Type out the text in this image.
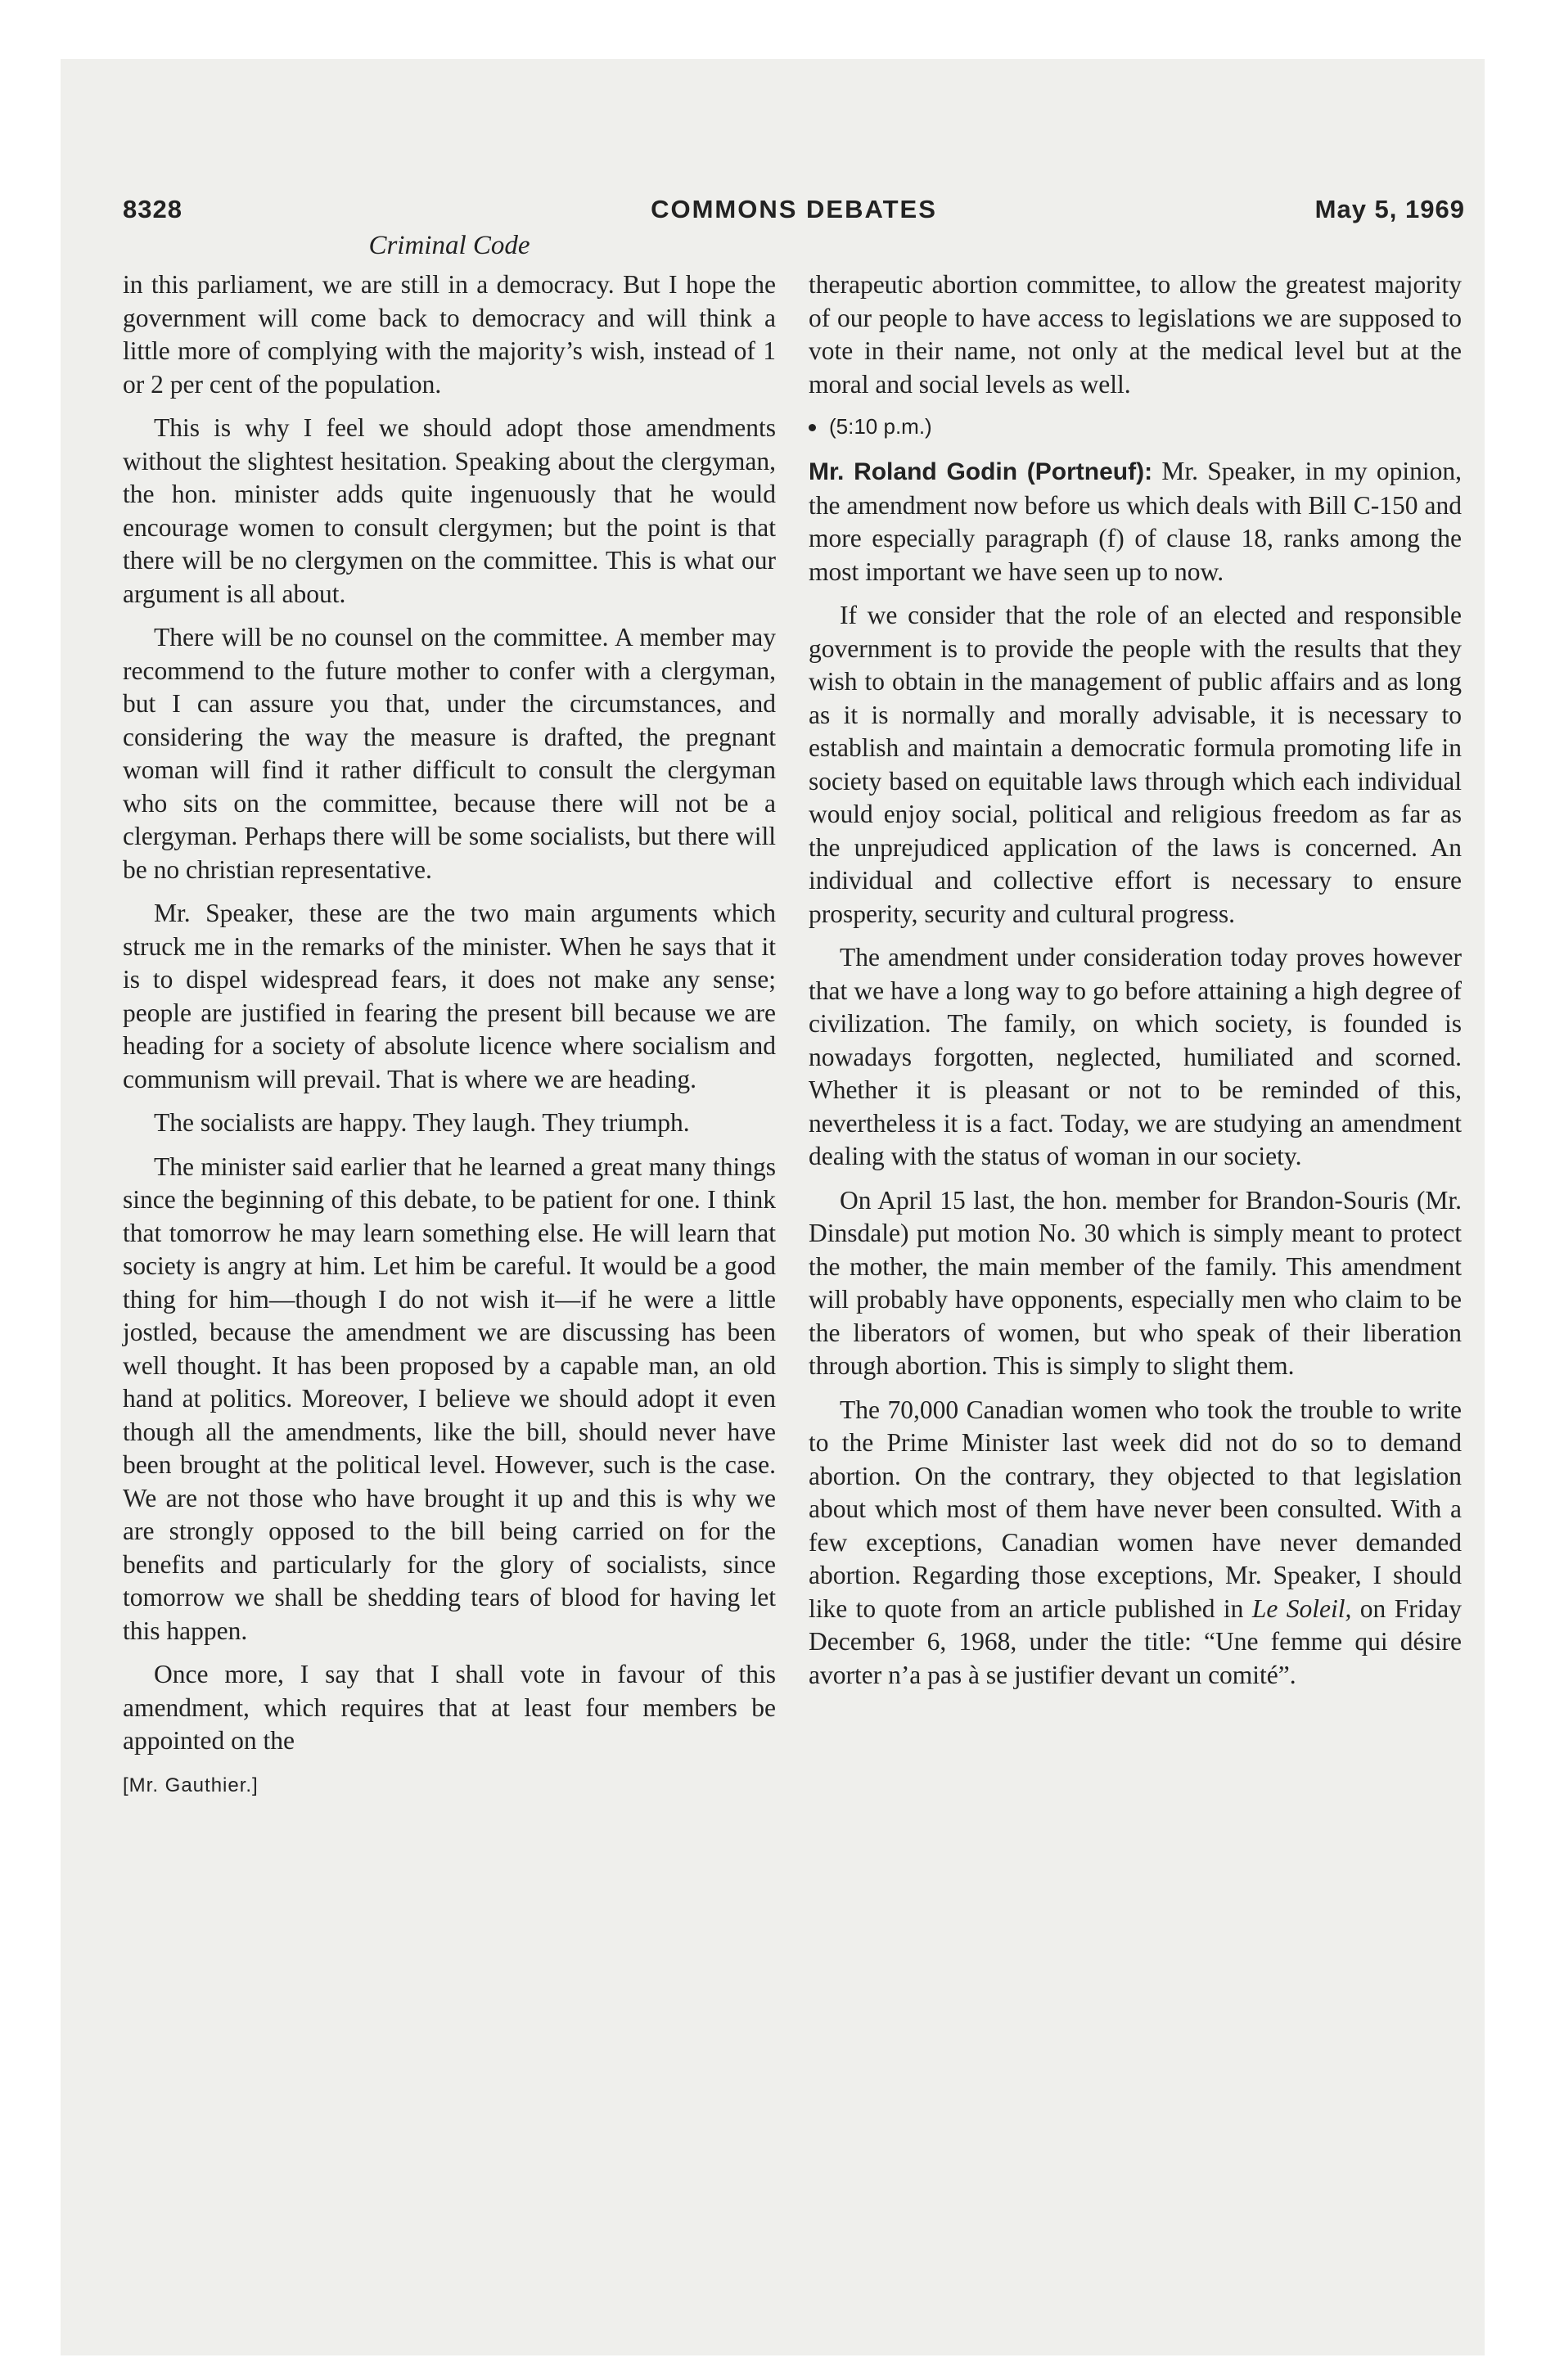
8328	COMMONS DEBATES	May 5, 1969
Criminal Code

in this parliament, we are still in a democracy. But I hope the government will come back to democracy and will think a little more of complying with the majority’s wish, instead of 1 or 2 per cent of the population.

This is why I feel we should adopt those amendments without the slightest hesitation. Speaking about the clergyman, the hon. minister adds quite ingenuously that he would encourage women to consult clergymen; but the point is that there will be no clergymen on the committee. This is what our argument is all about.

There will be no counsel on the committee. A member may recommend to the future mother to confer with a clergyman, but I can assure you that, under the circumstances, and considering the way the measure is drafted, the pregnant woman will find it rather difficult to consult the clergyman who sits on the committee, because there will not be a clergyman. Perhaps there will be some socialists, but there will be no christian representative.

Mr. Speaker, these are the two main arguments which struck me in the remarks of the minister. When he says that it is to dispel widespread fears, it does not make any sense; people are justified in fearing the present bill because we are heading for a society of absolute licence where socialism and communism will prevail. That is where we are heading.

The socialists are happy. They laugh. They triumph.

The minister said earlier that he learned a great many things since the beginning of this debate, to be patient for one. I think that tomorrow he may learn something else. He will learn that society is angry at him. Let him be careful. It would be a good thing for him—though I do not wish it—if he were a little jostled, because the amendment we are discussing has been well thought. It has been proposed by a capable man, an old hand at politics. Moreover, I believe we should adopt it even though all the amendments, like the bill, should never have been brought at the political level. However, such is the case. We are not those who have brought it up and this is why we are strongly opposed to the bill being carried on for the benefits and particularly for the glory of socialists, since tomorrow we shall be shedding tears of blood for having let this happen.

Once more, I say that I shall vote in favour of this amendment, which requires that at least four members be appointed on the

[Mr. Gauthier.]

therapeutic abortion committee, to allow the greatest majority of our people to have access to legislations we are supposed to vote in their name, not only at the medical level but at the moral and social levels as well.

(5:10 p.m.)

Mr. Roland Godin (Portneuf): Mr. Speaker, in my opinion, the amendment now before us which deals with Bill C-150 and more especially paragraph (f) of clause 18, ranks among the most important we have seen up to now.

If we consider that the role of an elected and responsible government is to provide the people with the results that they wish to obtain in the management of public affairs and as long as it is normally and morally advisable, it is necessary to establish and maintain a democratic formula promoting life in society based on equitable laws through which each individual would enjoy social, political and religious freedom as far as the unprejudiced application of the laws is concerned. An individual and collective effort is necessary to ensure prosperity, security and cultural progress.

The amendment under consideration today proves however that we have a long way to go before attaining a high degree of civilization. The family, on which society, is founded is nowadays forgotten, neglected, humiliated and scorned. Whether it is pleasant or not to be reminded of this, nevertheless it is a fact. Today, we are studying an amendment dealing with the status of woman in our society.

On April 15 last, the hon. member for Brandon-Souris (Mr. Dinsdale) put motion No. 30 which is simply meant to protect the mother, the main member of the family. This amendment will probably have opponents, especially men who claim to be the liberators of women, but who speak of their liberation through abortion. This is simply to slight them.

The 70,000 Canadian women who took the trouble to write to the Prime Minister last week did not do so to demand abortion. On the contrary, they objected to that legislation about which most of them have never been consulted. With a few exceptions, Canadian women have never demanded abortion. Regarding those exceptions, Mr. Speaker, I should like to quote from an article published in Le Soleil, on Friday December 6, 1968, under the title: “Une femme qui désire avorter n’a pas à se justifier devant un comité”.
